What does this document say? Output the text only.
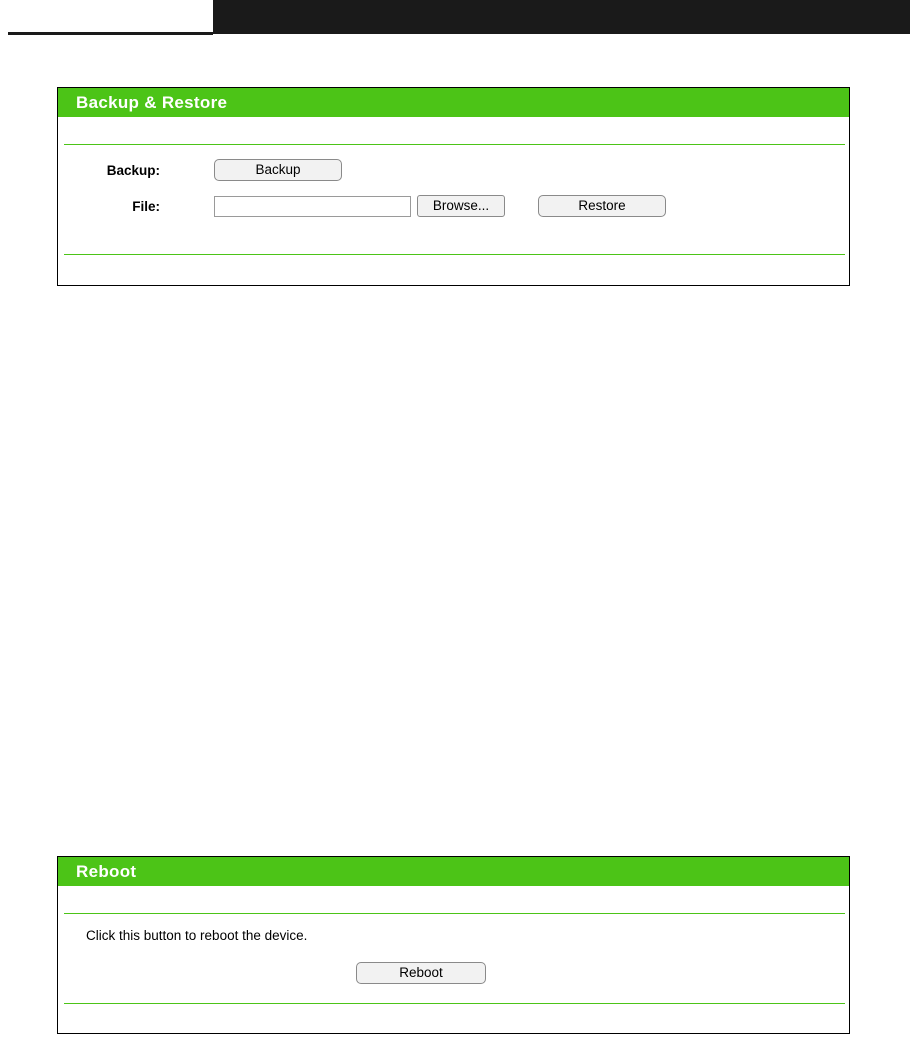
Backup & Restore
Backup:	Backup
File:	Browse...	Restore
Reboot
Click this button to reboot the device.
Reboot
